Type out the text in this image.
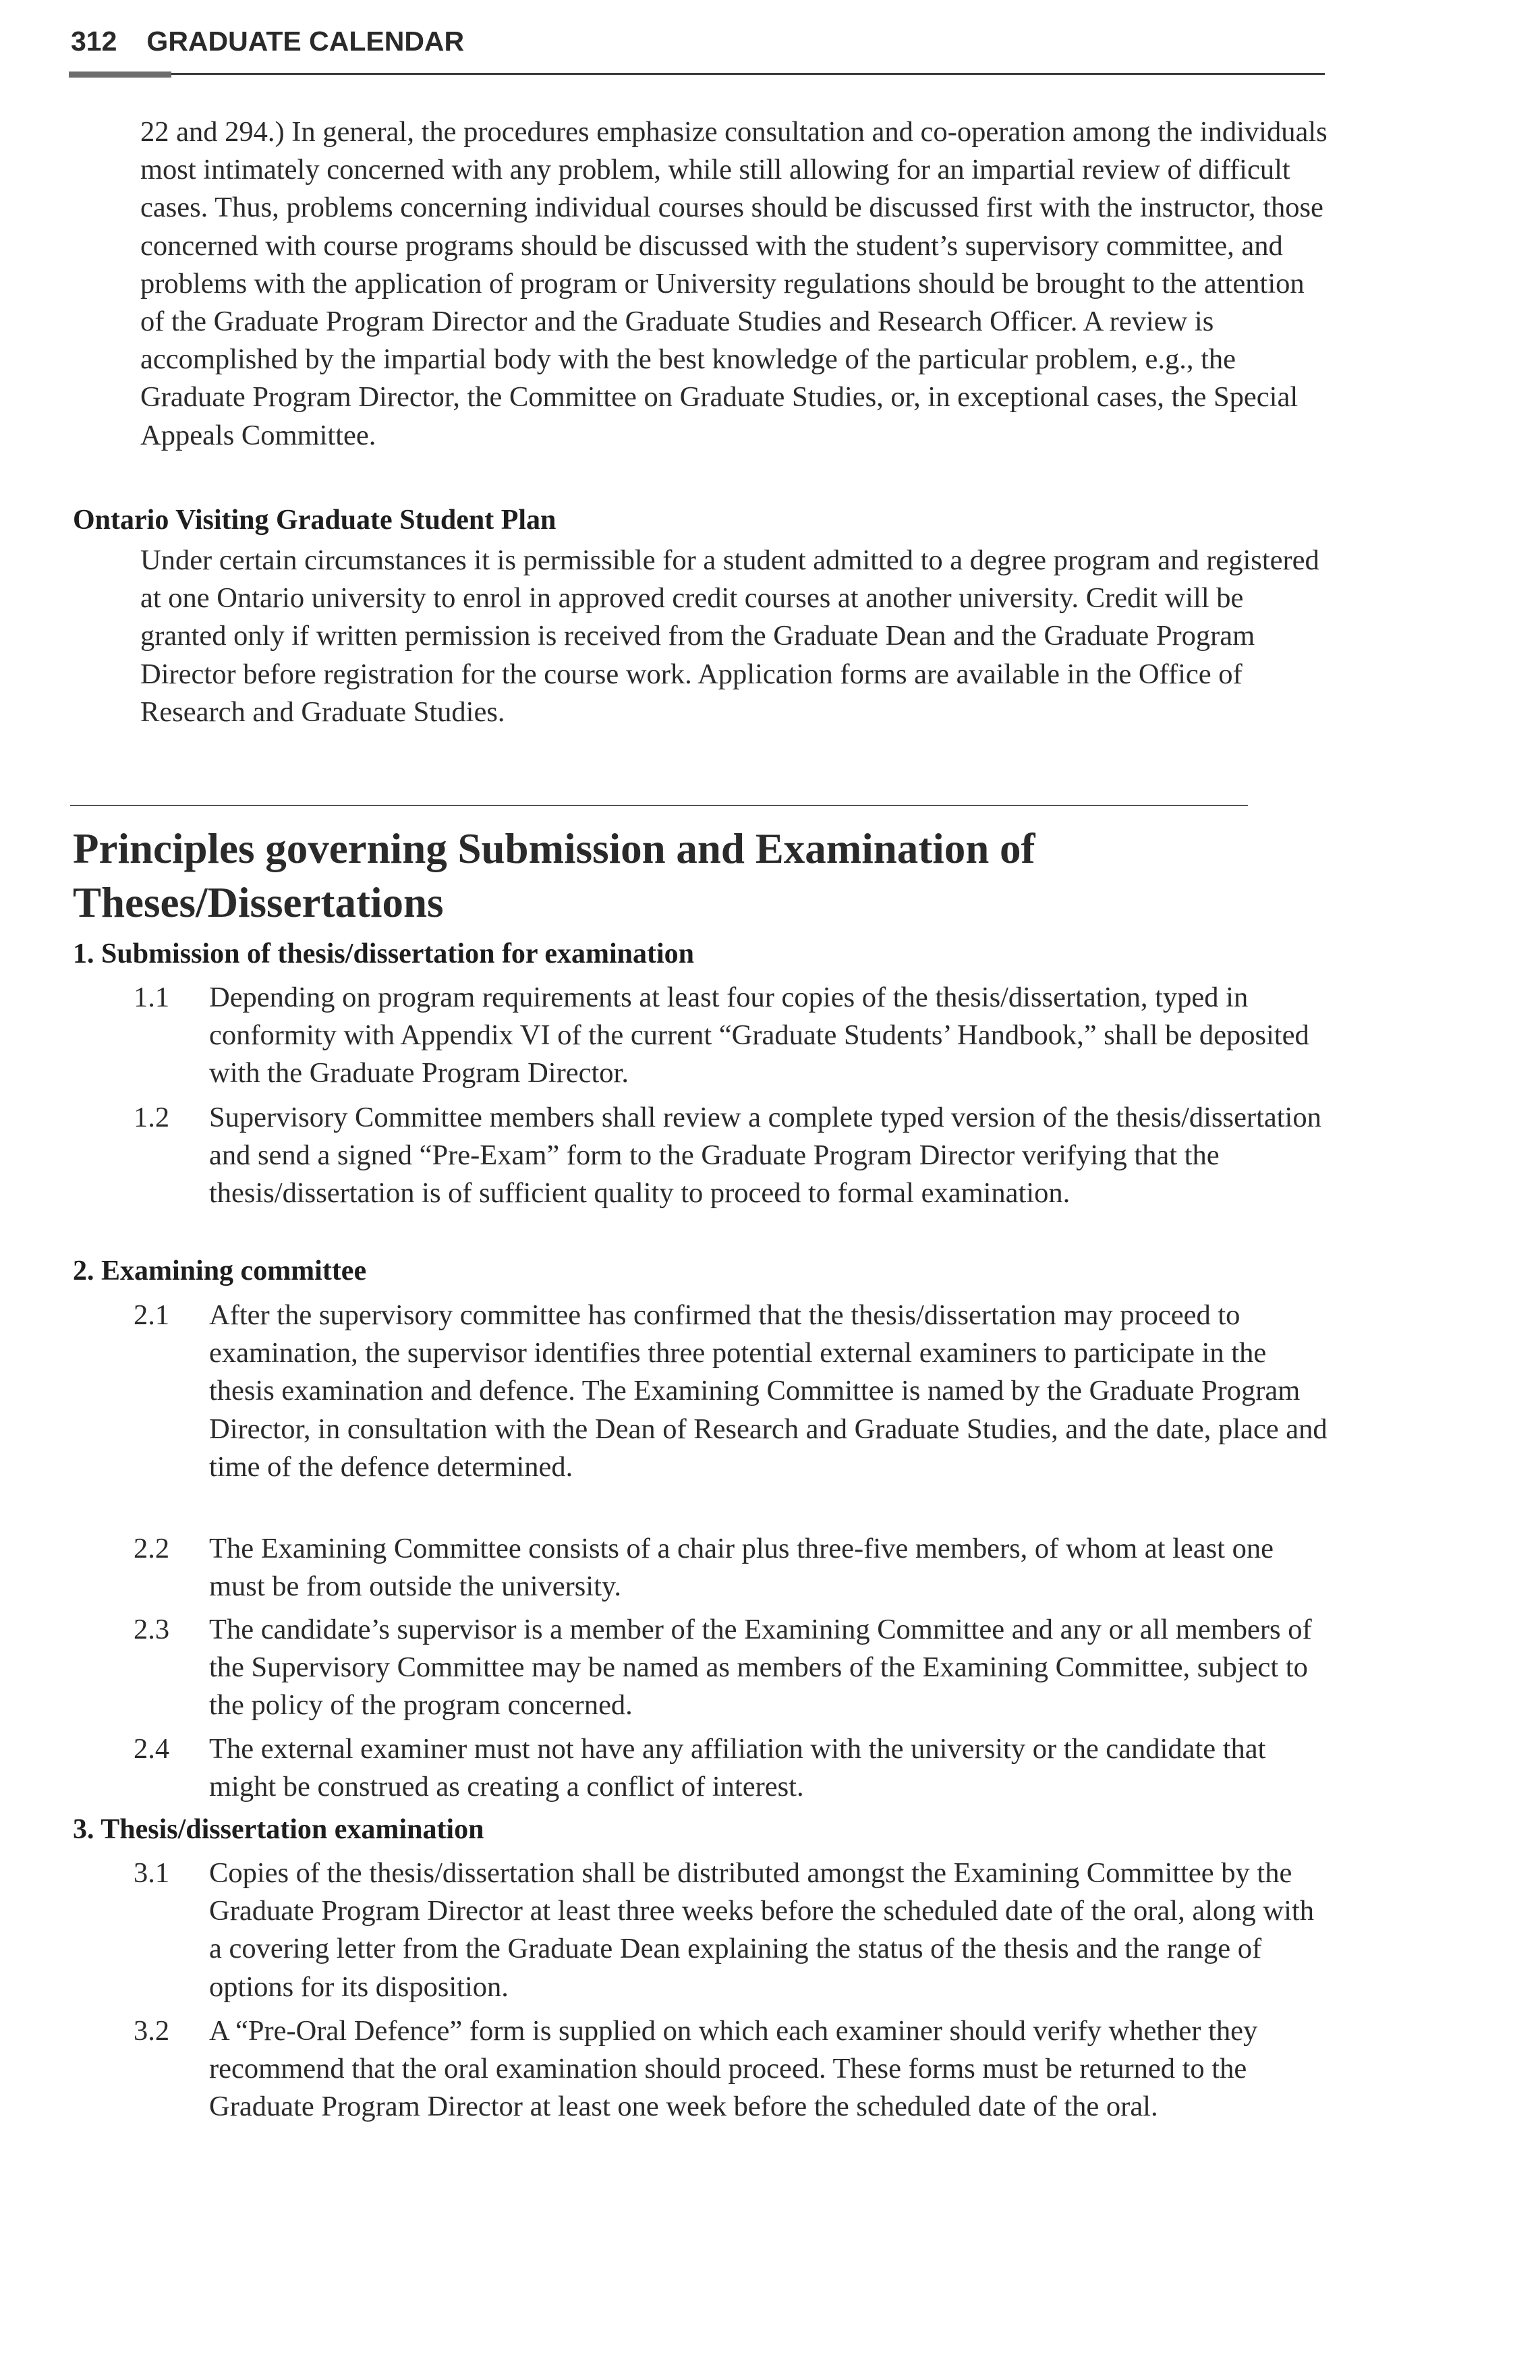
312 GRADUATE CALENDAR
22 and 294.) In general, the procedures emphasize consultation and co-operation among the individuals most intimately concerned with any problem, while still allowing for an impartial review of difficult cases. Thus, problems concerning individual courses should be discussed first with the instructor, those concerned with course programs should be discussed with the student’s supervisory committee, and problems with the application of program or University regulations should be brought to the attention of the Graduate Program Director and the Graduate Studies and Research Officer. A review is accomplished by the impartial body with the best knowledge of the particular problem, e.g., the Graduate Program Director, the Committee on Graduate Studies, or, in exceptional cases, the Special Appeals Committee.
Ontario Visiting Graduate Student Plan
Under certain circumstances it is permissible for a student admitted to a degree program and registered at one Ontario university to enrol in approved credit courses at another university. Credit will be granted only if written permission is received from the Graduate Dean and the Graduate Program Director before registration for the course work. Application forms are available in the Office of Research and Graduate Studies.
Principles governing Submission and Examination of
Theses/Dissertations
1. Submission of thesis/dissertation for examination
1.1	Depending on program requirements at least four copies of the thesis/dissertation, typed in conformity with Appendix VI of the current “Graduate Students’ Handbook,” shall be deposited with the Graduate Program Director.
1.2	Supervisory Committee members shall review a complete typed version of the thesis/dissertation and send a signed “Pre-Exam” form to the Graduate Program Director verifying that the thesis/dissertation is of sufficient quality to proceed to formal examination.
2. Examining committee
2.1	After the supervisory committee has confirmed that the thesis/dissertation may proceed to examination, the supervisor identifies three potential external examiners to participate in the thesis examination and defence. The Examining Committee is named by the Graduate Program Director, in consultation with the Dean of Research and Graduate Studies, and the date, place and time of the defence determined.
2.2	The Examining Committee consists of a chair plus three-five members, of whom at least one must be from outside the university.
2.3	The candidate’s supervisor is a member of the Examining Committee and any or all members of the Supervisory Committee may be named as members of the Examining Committee, subject to the policy of the program concerned.
2.4	The external examiner must not have any affiliation with the university or the candidate that might be construed as creating a conflict of interest.
3. Thesis/dissertation examination
3.1	Copies of the thesis/dissertation shall be distributed amongst the Examining Committee by the Graduate Program Director at least three weeks before the scheduled date of the oral, along with a covering letter from the Graduate Dean explaining the status of the thesis and the range of options for its disposition.
3.2	A “Pre-Oral Defence” form is supplied on which each examiner should verify whether they recommend that the oral examination should proceed. These forms must be returned to the Graduate Program Director at least one week before the scheduled date of the oral.
